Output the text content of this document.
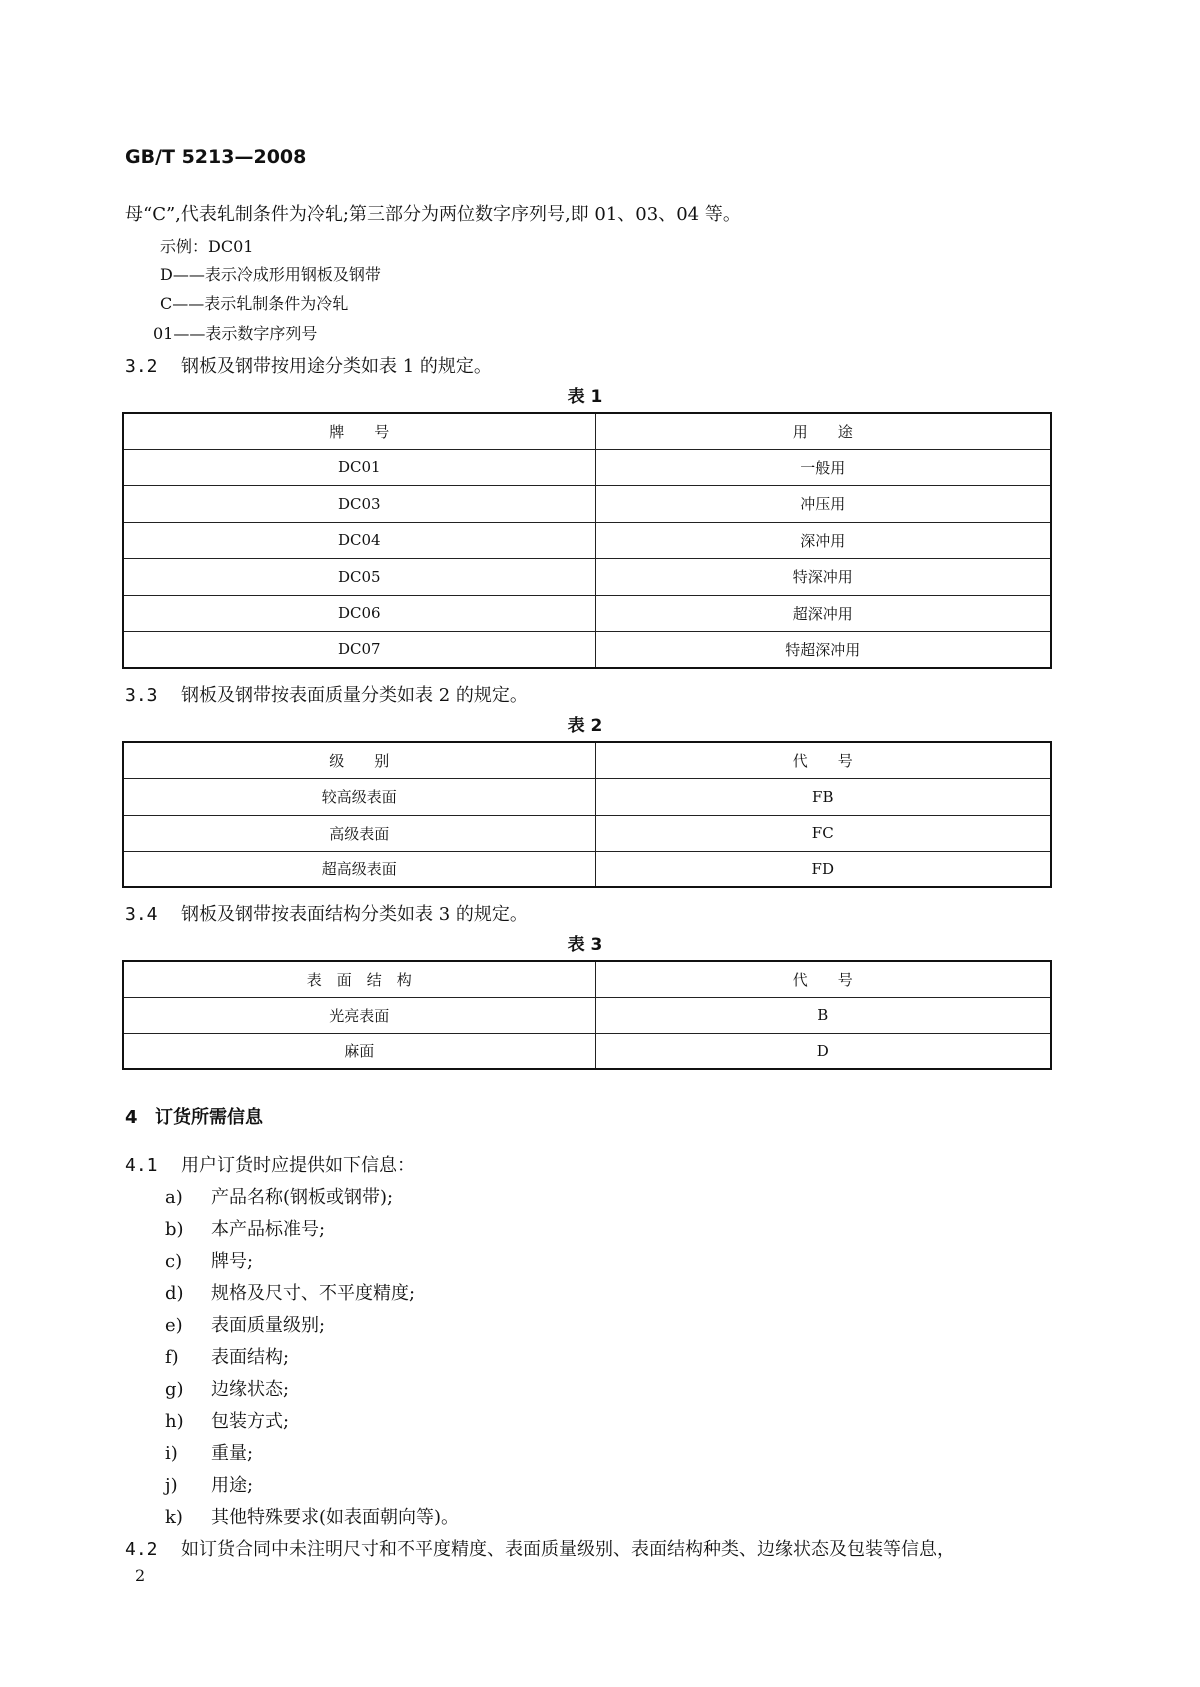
GB/T 5213—2008
母“C”,代表轧制条件为冷轧;第三部分为两位数字序列号,即 01、03、04 等。
示例：DC01
D——表示冷成形用钢板及钢带
C——表示轧制条件为冷轧
01——表示数字序列号
3.2 钢板及钢带按用途分类如表 1 的规定。
表 1
牌　　号	用　　途
DC01	一般用
DC03	冲压用
DC04	深冲用
DC05	特深冲用
DC06	超深冲用
DC07	特超深冲用
3.3 钢板及钢带按表面质量分类如表 2 的规定。
表 2
级　　别	代　　号
较高级表面	FB
高级表面	FC
超高级表面	FD
3.4 钢板及钢带按表面结构分类如表 3 的规定。
表 3
表　面　结　构	代　　号
光亮表面	B
麻面	D
4 订货所需信息
4.1 用户订货时应提供如下信息：
a) 产品名称(钢板或钢带);
b) 本产品标准号;
c) 牌号;
d) 规格及尺寸、不平度精度;
e) 表面质量级别;
f) 表面结构;
g) 边缘状态;
h) 包装方式;
i) 重量;
j) 用途;
k) 其他特殊要求(如表面朝向等)。
4.2 如订货合同中未注明尺寸和不平度精度、表面质量级别、表面结构种类、边缘状态及包装等信息，
2
